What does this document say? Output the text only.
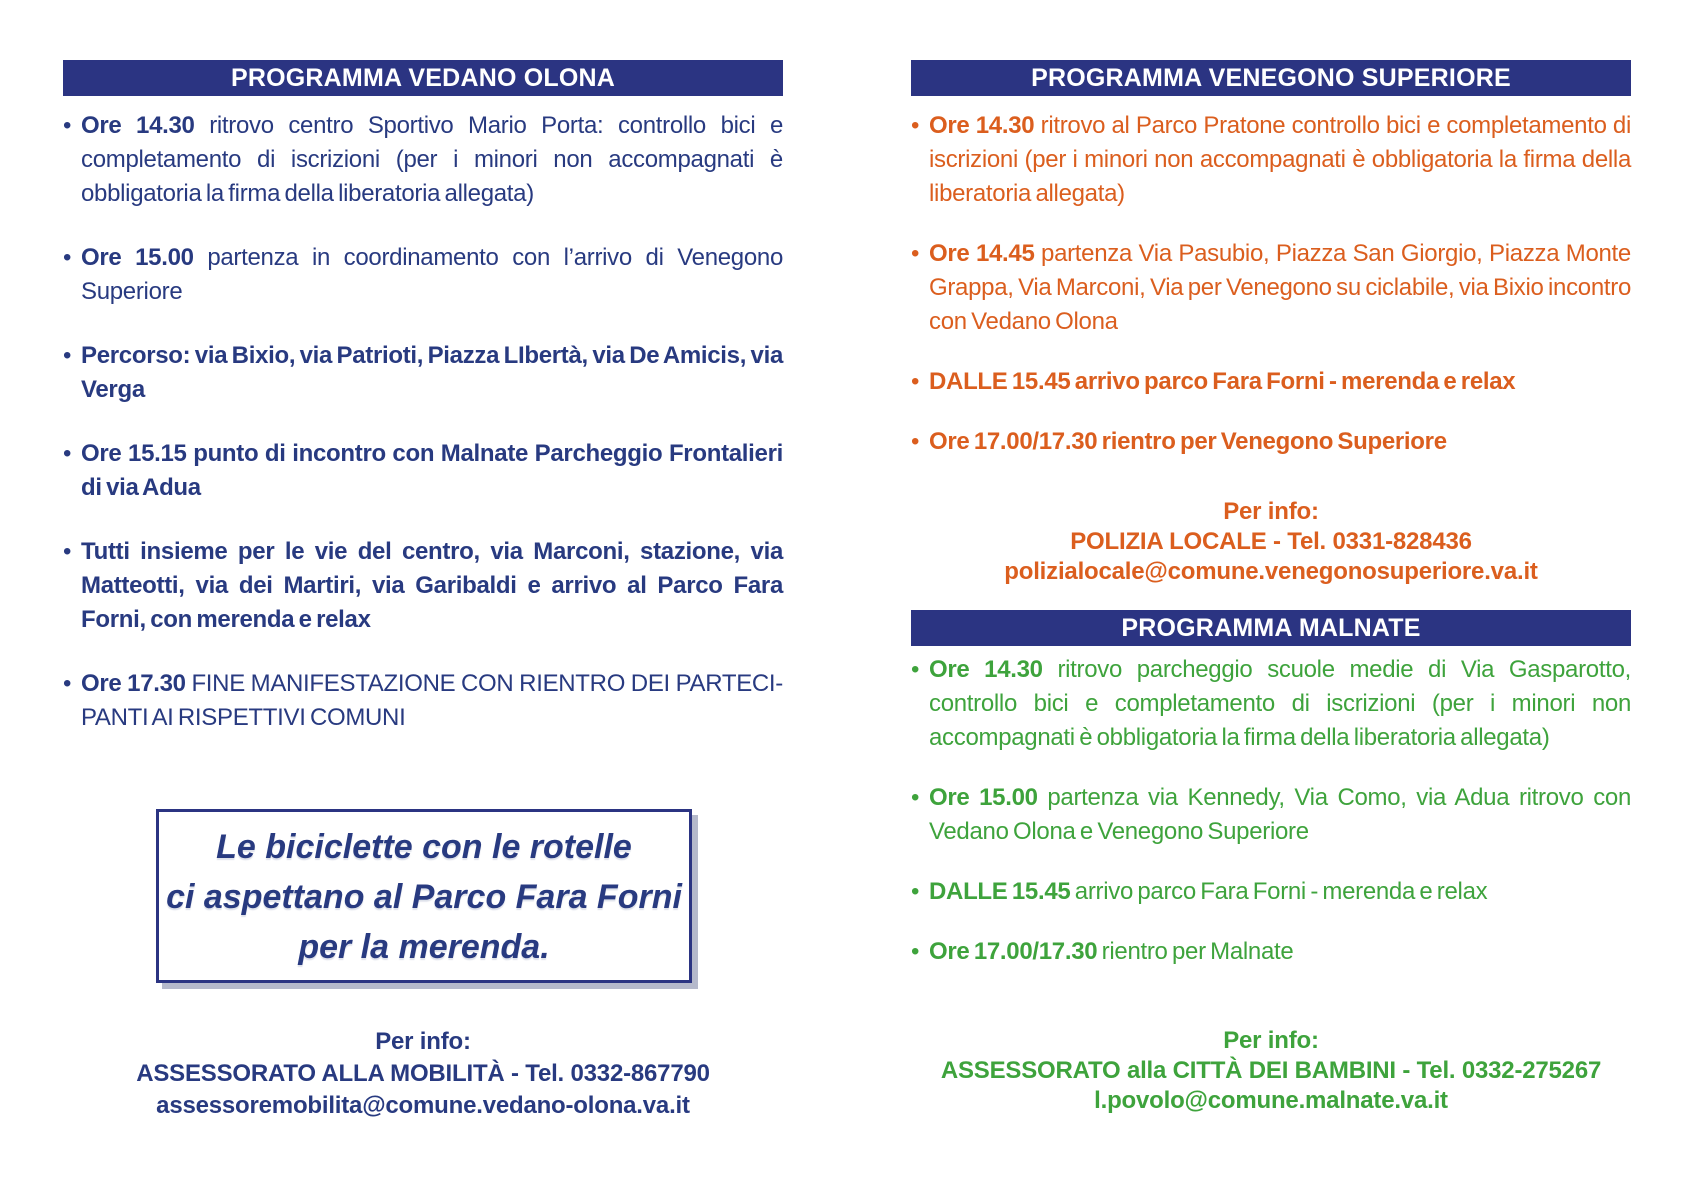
PROGRAMMA VEDANO OLONA

• Ore 14.30 ritrovo centro Sportivo Mario Porta: controllo bici e completamento di iscrizioni (per i minori non accompagnati è obbligatoria la firma della liberatoria allegata)

• Ore 15.00 partenza in coordinamento con l’arrivo di Venegono Superiore

• Percorso: via Bixio, via Patrioti, Piazza LIbertà, via De Amicis, via Verga

• Ore 15.15 punto di incontro con Malnate Parcheggio Frontalieri di via Adua

• Tutti insieme per le vie del centro, via Marconi, stazione, via Matteotti, via dei Martiri, via Garibaldi e arrivo al Parco Fara Forni, con merenda e relax

• Ore 17.30 FINE MANIFESTAZIONE CON RIENTRO DEI PARTECI-PANTI AI RISPETTIVI COMUNI

Le biciclette con le rotelle
ci aspettano al Parco Fara Forni
per la merenda.
Per info:
ASSESSORATO ALLA MOBILITÀ - Tel. 0332-867790
assessoremobilita@comune.vedano-olona.va.it
PROGRAMMA VENEGONO SUPERIORE

• Ore 14.30 ritrovo al Parco Pratone controllo bici e completamento di iscrizioni (per i minori non accompagnati è obbligatoria la firma della liberatoria allegata)

• Ore 14.45 partenza Via Pasubio, Piazza San Giorgio, Piazza Monte Grappa, Via Marconi, Via per Venegono su ciclabile, via Bixio incontro con Vedano Olona

• DALLE 15.45 arrivo parco Fara Forni - merenda e relax

• Ore 17.00/17.30 rientro per Venegono Superiore

Per info:
POLIZIA LOCALE - Tel. 0331-828436
polizialocale@comune.venegonosuperiore.va.it
PROGRAMMA MALNATE

• Ore 14.30 ritrovo parcheggio scuole medie di Via Gasparotto, controllo bici e completamento di iscrizioni (per i minori non accompagnati è obbligatoria la firma della liberatoria allegata)

• Ore 15.00 partenza via Kennedy, Via Como, via Adua ritrovo con Vedano Olona e Venegono Superiore

• DALLE 15.45 arrivo parco Fara Forni - merenda e relax

• Ore 17.00/17.30 rientro per Malnate

Per info:
ASSESSORATO alla CITTÀ DEI BAMBINI - Tel. 0332-275267
l.povolo@comune.malnate.va.it
